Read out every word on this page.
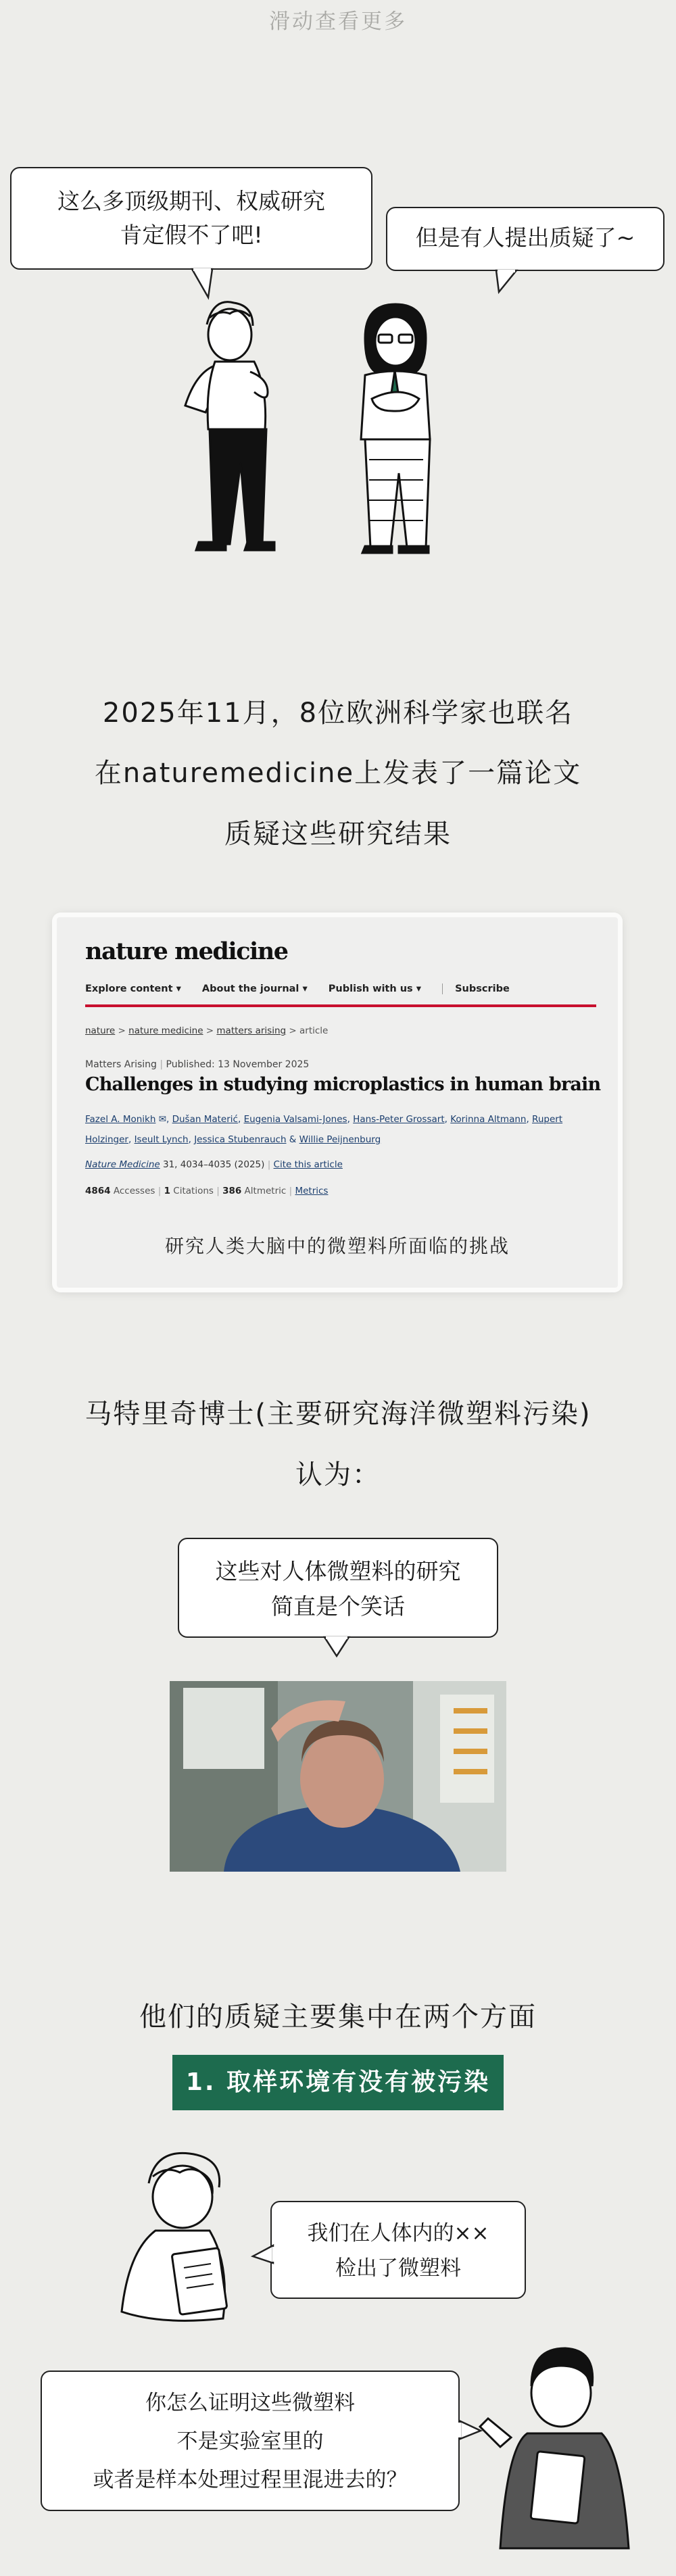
滑动查看更多
这么多顶级期刊、权威研究
肯定假不了吧!	但是有人提出质疑了~
2025年11月，8位欧洲科学家也联名
在naturemedicine上发表了一篇论文
质疑这些研究结果
nature medicine
Explore content ▾ About the journal ▾ Publish with us ▾	Subscribe
nature > nature medicine > matters arising > article
Matters Arising | Published: 13 November 2025
Challenges in studying microplastics in human brain
Fazel A. Monikh ✉, Dušan Materić, Eugenia Valsami-Jones, Hans-Peter Grossart, Korinna Altmann, Rupert Holzinger, Iseult Lynch, Jessica Stubenrauch & Willie Peijnenburg
Nature Medicine 31, 4034–4035 (2025) | Cite this article
4864 Accesses | 1 Citations | 386 Altmetric | Metrics
研究人类大脑中的微塑料所面临的挑战
马特里奇博士(主要研究海洋微塑料污染)
认为：
这些对人体微塑料的研究
简直是个笑话
他们的质疑主要集中在两个方面
1. 取样环境有没有被污染
我们在人体内的××
检出了微塑料
你怎么证明这些微塑料
不是实验室里的
或者是样本处理过程里混进去的？
